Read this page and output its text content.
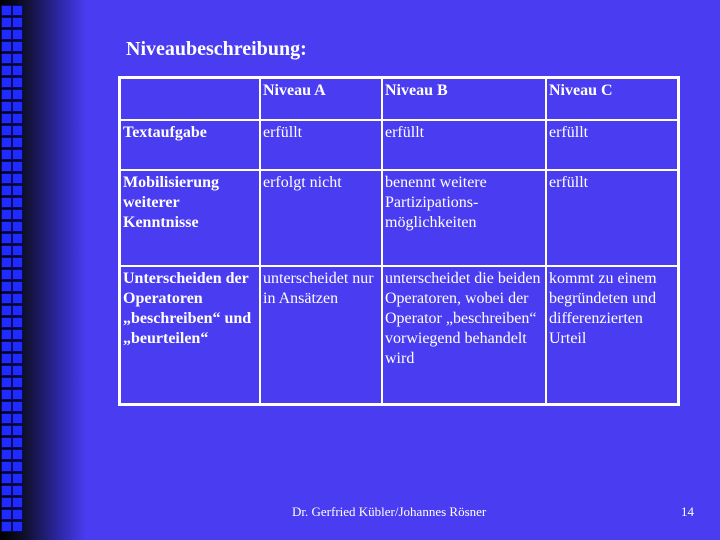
Niveaubeschreibung:
	Niveau A	Niveau B	Niveau C
Textaufgabe	erfüllt	erfüllt	erfüllt
Mobilisierung weiterer Kenntnisse	erfolgt nicht	benennt weitere Partizipations-möglichkeiten	erfüllt
Unterscheiden der Operatoren „beschreiben“ und „beurteilen“	unterscheidet nur in Ansätzen	unterscheidet die beiden Operatoren, wobei der Operator „beschreiben“ vorwiegend behandelt wird	kommt zu einem begründeten und differenzierten Urteil
Dr. Gerfried Kübler/Johannes Rösner	14
